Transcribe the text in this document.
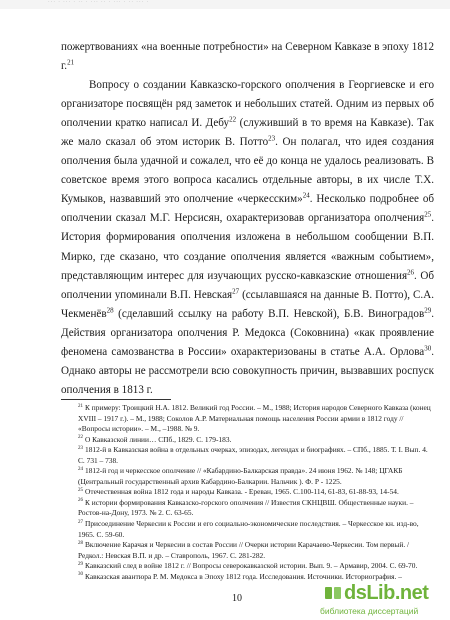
··· · ··· · ·· · ··· ·· · ··· · ·· ··· ·

пожертвованиях «на военные потребности» на Северном Кавказе в эпоху 1812 г.$^{21}$

Вопросу о создании Кавказско-горского ополчения в Георгиевске и его организаторе посвящён ряд заметок и небольших статей. Одним из первых об ополчении кратко написал И. Дебу$^{22}$ (служивший в то время на Кавказе). Так же мало сказал об этом историк В. Потто$^{23}$. Он полагал, что идея создания ополчения была удачной и сожалел, что её до конца не удалось реализовать. В советское время этого вопроса касались отдельные авторы, в их числе Т.Х. Кумыков, назвавший это ополчение «черкесским»$^{24}$. Несколько подробнее об ополчении сказал М.Г. Нерсисян, охарактеризовав организатора ополчения$^{25}$. История формирования ополчения изложена в небольшом сообщении В.П. Мирко, где сказано, что создание ополчения является «важным событием», представляющим интерес для изучающих русско-кавказские отношения$^{26}$. Об ополчении упоминали В.П. Невская$^{27}$ (ссылавшаяся на данные В. Потто), С.А. Чекменёв$^{28}$ (сделавший ссылку на работу В.П. Невской), Б.В. Виноградов$^{29}$. Действия организатора ополчения Р. Медокса (Соковнина) «как проявление феномена самозванства в России» охарактеризованы в статье А.А. Орлова$^{30}$. Однако авторы не рассмотрели всю совокупность причин, вызвавших роспуск ополчения в 1813 г.

$^{21}$ К примеру: Троицкий Н.А. 1812. Великий год России. – М., 1988; История народов Северного Кавказа (конец XVIII – 1917 г.). – М., 1988; Соколов А.Р. Материальная помощь населения России армии в 1812 году // «Вопросы истории». – М., –1988. № 9.

$^{22}$ О Кавказской линии… СПб., 1829. С. 179-183.

$^{23}$ 1812-й в Кавказская война в отдельных очерках, эпизодах, легендах и биографиях. – СПб., 1885. Т. I. Вып. 4. С. 731 – 738.

$^{24}$ 1812-й год и черкесское ополчение // «Кабардино-Балкарская правда». 24 июня 1962. № 148; ЦГАКБ (Центральный государственный архив Кабардино-Балкарии. Нальчик ). Ф. Р - 1225.

$^{25}$ Отечественная война 1812 года и народы Кавказа. - Ереван, 1965. С.100-114, 61-83, 61-88-93, 14-54.

$^{26}$ К истории формирования Кавказско-горского ополчения // Известия СКНЦВШ. Общественные науки. – Ростов-на-Дону, 1973. № 2. С. 63-65.

$^{27}$ Присоединение Черкесии к России и его социально-экономические последствия. – Черкесское кн. изд-во, 1965. С. 59-60.

$^{28}$ Включение Карачая и Черкесии в состав России // Очерки истории Карачаево-Черкесии. Том первый. / Редкол.: Невская В.П. и др. – Ставрополь, 1967. С. 281-282.

$^{29}$ Кавказский след в войне 1812 г. // Вопросы северокавказской истории. Вып. 9. – Армавир, 2004. С. 69-70.

$^{30}$ Кавказская авантюра Р. М. Медокса в Эпоху 1812 года. Исследования. Источники. Историография. –

10	dsLib.net
библиотека диссертаций
